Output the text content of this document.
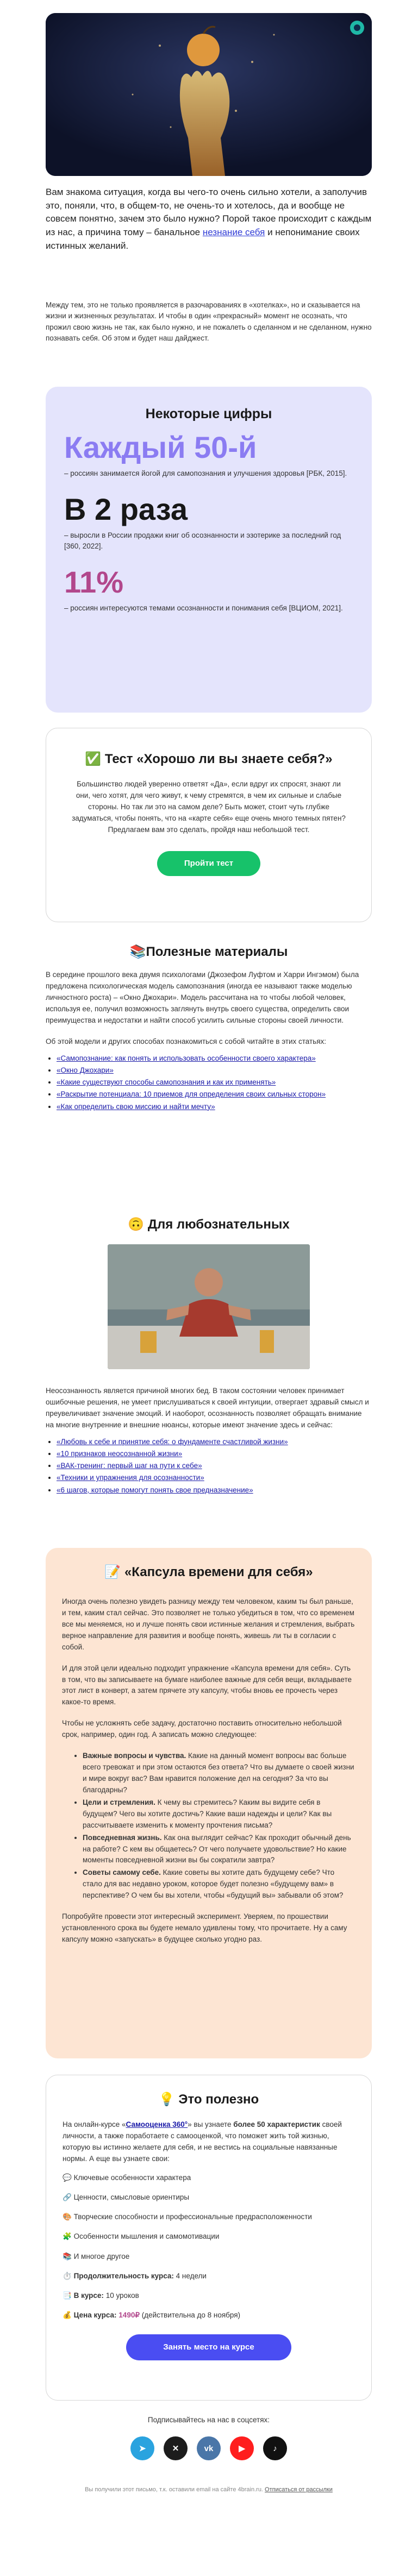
Вам знакома ситуация, когда вы чего-то очень сильно хотели, а заполучив это, поняли, что, в общем-то, не очень-то и хотелось, да и вообще не совсем понятно, зачем это было нужно? Порой такое происходит с каждым из нас, а причина тому – банальное незнание себя и непонимание своих истинных желаний.
Между тем, это не только проявляется в разочарованиях в «хотелках», но и сказывается на жизни и жизненных результатах. И чтобы в один «прекрасный» момент не осознать, что прожил свою жизнь не так, как было нужно, и не пожалеть о сделанном и не сделанном, нужно познавать себя. Об этом и будет наш дайджест.
Некоторые цифры
Каждый 50-й
– россиян занимается йогой для самопознания и улучшения здоровья [РБК, 2015].
В 2 раза
– выросли в России продажи книг об осознанности и эзотерике за последний год [360, 2022].
11%
– россиян интересуются темами осознанности и понимания себя [ВЦИОМ, 2021].
✅ Тест «Хорошо ли вы знаете себя?»

Большинство людей уверенно ответят «Да», если вдруг их спросят, знают ли они, чего хотят, для чего живут, к чему стремятся, в чем их сильные и слабые стороны. Но так ли это на самом деле? Быть может, стоит чуть глубже задуматься, чтобы понять, что на «карте себя» еще очень много темных пятен? Предлагаем вам это сделать, пройдя наш небольшой тест.

Пройти тест
📚Полезные материалы

В середине прошлого века двумя психологами (Джозефом Луфтом и Харри Ингэмом) была предложена психологическая модель самопознания (иногда ее называют также моделью личностного роста) – «Окно Джохари». Модель рассчитана на то чтобы любой человек, используя ее, получил возможность заглянуть внутрь своего существа, определить свои преимущества и недостатки и найти способ усилить сильные стороны своей личности.

Об этой модели и других способах познакомиться с собой читайте в этих статьях:

• «Самопознание: как понять и использовать особенности своего характера»
• «Окно Джохари»
• «Какие существуют способы самопознания и как их применять»
• «Раскрытие потенциала: 10 приемов для определения своих сильных сторон»
• «Как определить свою миссию и найти мечту»
🙃 Для любознательных

Неосознанность является причиной многих бед. В таком состоянии человек принимает ошибочные решения, не умеет прислушиваться к своей интуиции, отвергает здравый смысл и преувеличивает значение эмоций. И наоборот, осознанность позволяет обращать внимание на многие внутренние и внешние нюансы, которые имеют значение здесь и сейчас:

• «Любовь к себе и принятие себя: о фундаменте счастливой жизни»
• «10 признаков неосознанной жизни»
• «ВАК-тренинг: первый шаг на пути к себе»
• «Техники и упражнения для осознанности»
• «6 шагов, которые помогут понять свое предназначение»
📝 «Капсула времени для себя»

Иногда очень полезно увидеть разницу между тем человеком, каким ты был раньше, и тем, каким стал сейчас. Это позволяет не только убедиться в том, что со временем все мы меняемся, но и лучше понять свои истинные желания и стремления, выбрать верное направление для развития и вообще понять, живешь ли ты в согласии с собой.

И для этой цели идеально подходит упражнение «Капсула времени для себя». Суть в том, что вы записываете на бумаге наиболее важные для себя вещи, вкладываете этот лист в конверт, а затем прячете эту капсулу, чтобы вновь ее прочесть через какое-то время.

Чтобы не усложнять себе задачу, достаточно поставить относительно небольшой срок, например, один год. А записать можно следующее:

• Важные вопросы и чувства. Какие на данный момент вопросы вас больше всего тревожат и при этом остаются без ответа? Что вы думаете о своей жизни и мире вокруг вас? Вам нравится положение дел на сегодня? За что вы благодарны?
• Цели и стремления. К чему вы стремитесь? Каким вы видите себя в будущем? Чего вы хотите достичь? Какие ваши надежды и цели? Как вы рассчитываете изменить к моменту прочтения письма?
• Повседневная жизнь. Как она выглядит сейчас? Как проходит обычный день на работе? С кем вы общаетесь? От чего получаете удовольствие? Но какие моменты повседневной жизни вы бы сократили завтра?
• Советы самому себе. Какие советы вы хотите дать будущему себе? Что стало для вас недавно уроком, которое будет полезно «будущему вам» в перспективе? О чем бы вы хотели, чтобы «будущий вы» забывали об этом?

Попробуйте провести этот интересный эксперимент. Уверяем, по прошествии установленного срока вы будете немало удивлены тому, что прочитаете. Ну а саму капсулу можно «запускать» в будущее сколько угодно раз.

💡 Это полезно

На онлайн-курсе «Самооценка 360°» вы узнаете более 50 характеристик своей личности, а также поработаете с самооценкой, что поможет жить той жизнью, которую вы истинно желаете для себя, и не вестись на социальные навязанные нормы. А еще вы узнаете свои:

💬 Ключевые особенности характера
🔗 Ценности, смысловые ориентиры
🎨 Творческие способности и профессиональные предрасположенности
🧩 Особенности мышления и самомотивации
📚 И многое другое
⏱️ Продолжительность курса: 4 недели
📑 В курсе: 10 уроков
💰 Цена курса: 1490₽ (действительна до 8 ноября)
Занять место на курсе
Подписывайтесь на нас в соцсетях:
➤	✕	vk	▶	♪
Вы получили этот письмо, т.к. оставили email на сайте 4brain.ru. Отписаться от рассылки
